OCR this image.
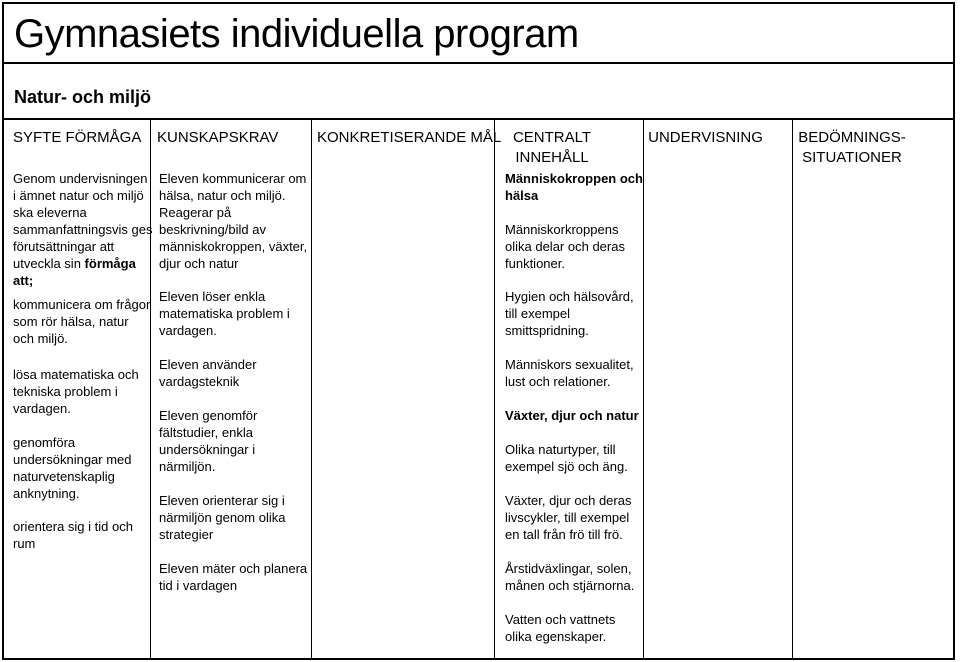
Gymnasiets individuella program
Natur- och miljö
SYFTE FÖRMÅGA KUNSKAPSKRAV	KONKRETISERANDE MÅL CENTRALT
INNEHÅLL
UNDERVISNING	BEDÖMNINGS-
SITUATIONER
Genom undervisningen
i ämnet natur och miljö
ska eleverna
sammanfattningsvis ges
förutsättningar att
utveckla sin förmåga
att;
kommunicera om frågor
som rör hälsa, natur
och miljö.
lösa matematiska och
tekniska problem i
vardagen.
genomföra
undersökningar med
naturvetenskaplig
anknytning.
orientera sig i tid och
rum
Eleven kommunicerar om
hälsa, natur och miljö.
Reagerar på
beskrivning/bild av
människokroppen, växter,
djur och natur
Eleven löser enkla
matematiska problem i
vardagen.
Eleven använder
vardagsteknik
Eleven genomför
fältstudier, enkla
undersökningar i
närmiljön.
Eleven orienterar sig i
närmiljön genom olika
strategier
Eleven mäter och planera
tid i vardagen
Människokroppen och
hälsa
Människorkroppens
olika delar och deras
funktioner.
Hygien och hälsovård,
till exempel
smittspridning.
Människors sexualitet,
lust och relationer.
Växter, djur och natur
Olika naturtyper, till
exempel sjö och äng.
Växter, djur och deras
livscykler, till exempel
en tall från frö till frö.
Årstidväxlingar, solen,
månen och stjärnorna.
Vatten och vattnets
olika egenskaper.
